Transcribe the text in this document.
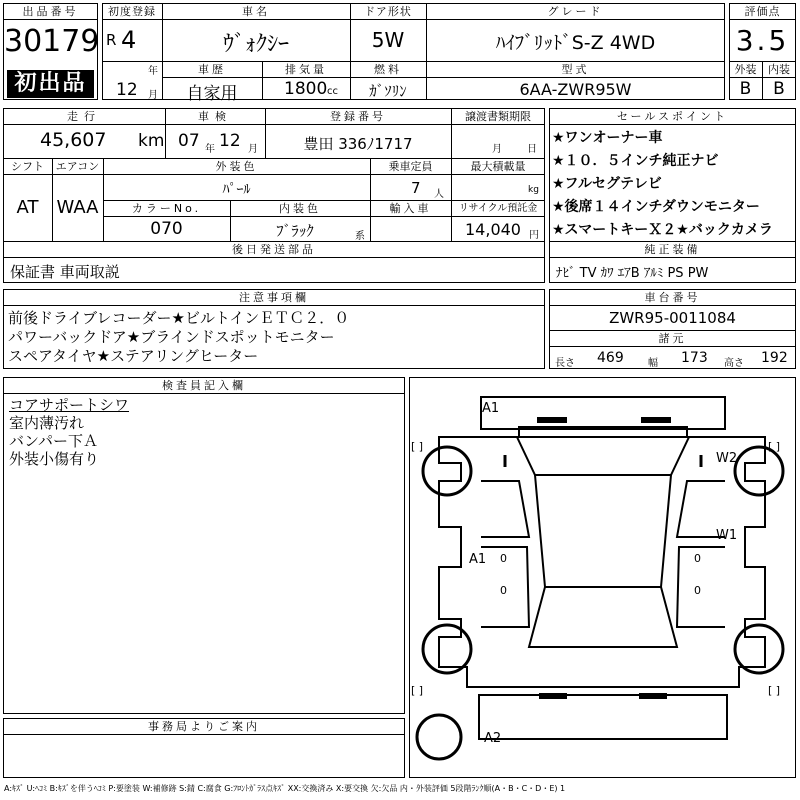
出品番号
30179
初出品
初度登録
R 4
年
12 月
車名
ｳﾞｫｸｼｰ
ドア形状
5W
グレード
ﾊｲﾌﾞﾘｯﾄﾞS-Z 4WD
車歴
自家用
排気量
1800 cc
燃料
ｶﾞｿﾘﾝ
型式
6AA-ZWR95W
評価点
3.5
外装	内装
B	B
走行
45,607 km
車検
07 年 12 月
登録番号
豊田 336ﾉ1717
譲渡書類期限
月	日
シフト	エアコン
AT	WAA
外装色
ﾊﾟｰﾙ
乗車定員
7 人
最大積載量
kg
カラーNo.
070
内装色
ﾌﾞﾗｯｸ	系
輸入車	リサイクル預託金
14,040 円
後日発送部品
保証書 車両取説
セールスポイント
★ワンオーナー車
★１０．５インチ純正ナビ
★フルセグテレビ
★後席１４インチダウンモニター
★スマートキーＸ２★バックカメラ
純正装備
ﾅﾋﾞ TV ｶﾜ ｴｱB ｱﾙﾐ PS PW
注意事項欄
前後ドライブレコーダー★ビルトインＥＴＣ２．０
パワーバックドア★ブラインドスポットモニター
スペアタイヤ★ステアリングヒーター
車台番号
ZWR95-0011084
諸元
長さ 469 幅 173 高さ 192
検査員記入欄
コアサポートシワ
室内薄汚れ
バンパー下Ａ
外装小傷有り
事務局よりご案内
A1
W2
A1
W1
A2
[ ]	[ ]
[ ]	[ ]
0
0
0
0
A:ｷｽﾞ U:ﾍｺﾐ B:ｷｽﾞを伴うﾍｺﾐ P:要塗装 W:補修跡 S:錆 C:腐食 G:ﾌﾛﾝﾄｶﾞﾗｽ点ｷｽﾞ XX:交換済み X:要交換 欠:欠品 内・外装評価 5段階ﾗﾝｸ順(A・B・C・D・E) 1
